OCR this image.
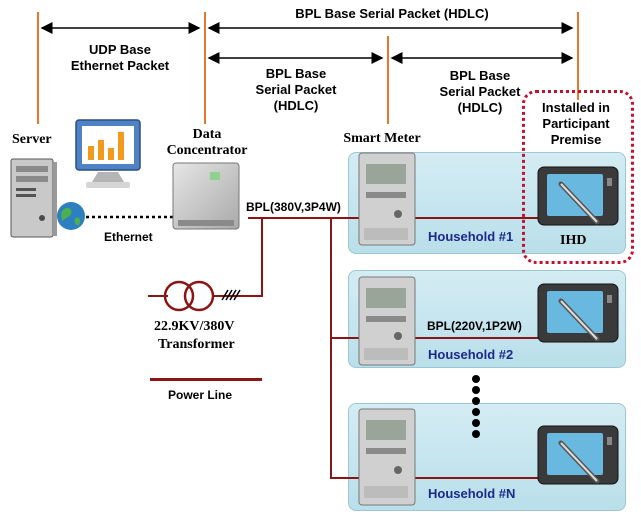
BPL Base Serial Packet (HDLC)
UDP Base
Ethernet Packet
BPL Base
Serial Packet
(HDLC)
BPL Base
Serial Packet
(HDLC)	Installed in
Participant
Premise
Server
Ethernet
Data
Concentrator
BPL(380V,3P4W)
Smart Meter
IHD
Household #1
BPL(220V,1P2W)
Household #2
Household #N
22.9KV/380V
Transformer
Power Line
